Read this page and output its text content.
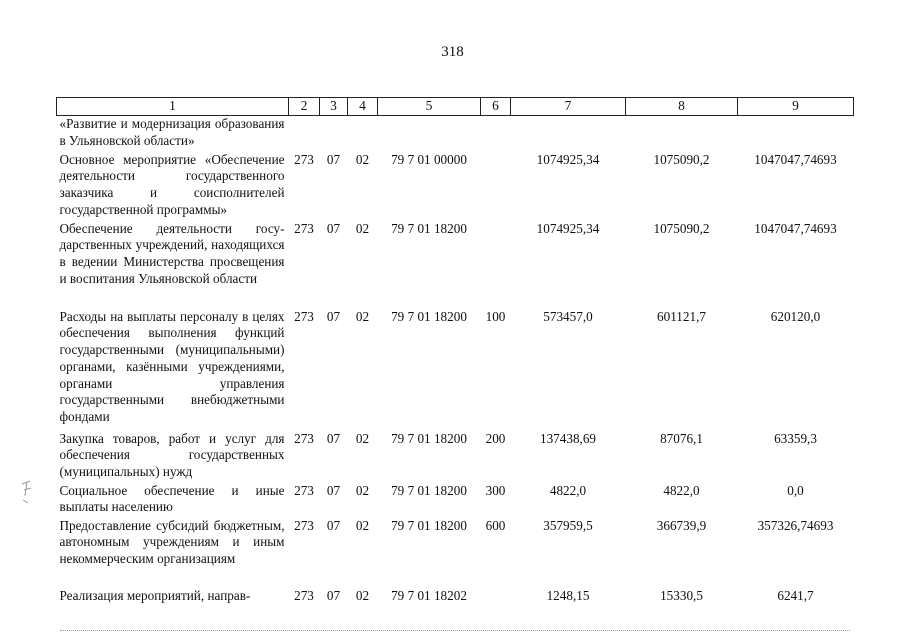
318
1	2	3	4	5	6	7	8	9
«Развитие и модернизация образования в Ульяновской области»								
Основное мероприятие «Обеспечение деятельности государственного заказчика и соисполнителей государственной программы»	273	07	02	79 7 01 00000		1074925,34	1075090,2	1047047,74693
Обеспечение деятельности государственных учреждений, находящихся в ведении Министерства просвещения и воспитания Ульяновской области	273	07	02	79 7 01 18200		1074925,34	1075090,2	1047047,74693
Расходы на выплаты персоналу в целях обеспечения выполнения функций государственными (муниципальными) органами, казёнными учреждениями, органами управления государственными внебюджетными фондами	273	07	02	79 7 01 18200	100	573457,0	601121,7	620120,0
Закупка товаров, работ и услуг для обеспечения государственных (муниципальных) нужд	273	07	02	79 7 01 18200	200	137438,69	87076,1	63359,3
Социальное обеспечение и иные выплаты населению	273	07	02	79 7 01 18200	300	4822,0	4822,0	0,0
Предоставление субсидий бюджетным, автономным учреждениям и иным некоммерческим организациям	273	07	02	79 7 01 18200	600	357959,5	366739,9	357326,74693
Реализация мероприятий, направ-	273	07	02	79 7 01 18202		1248,15	15330,5	6241,7
